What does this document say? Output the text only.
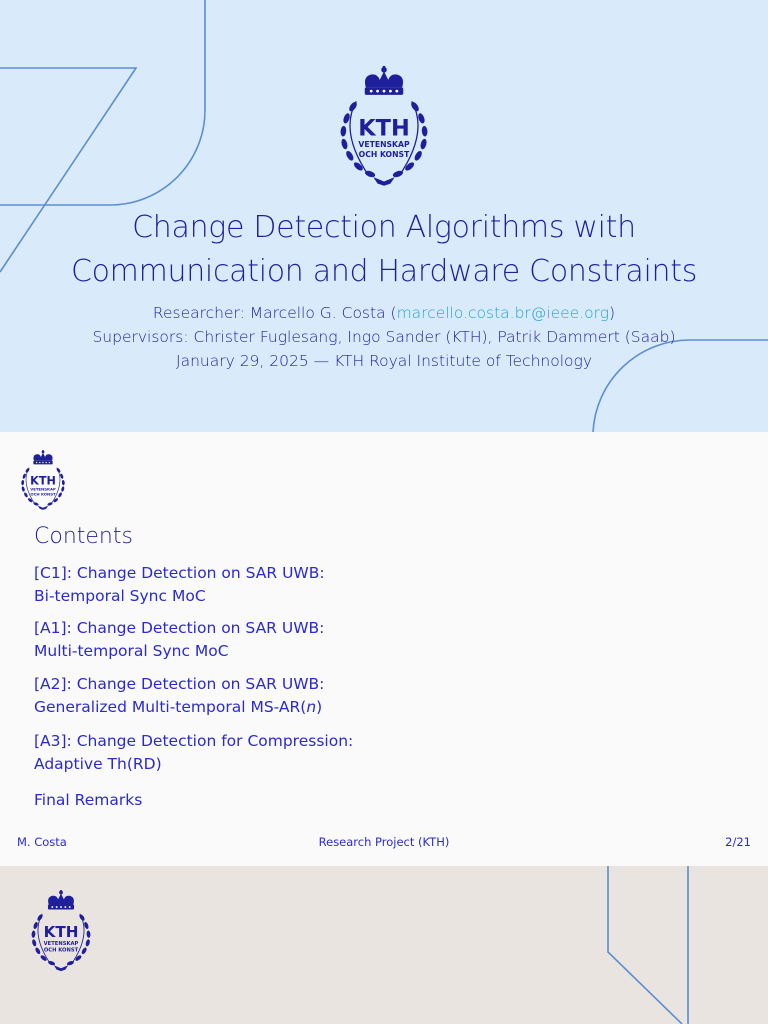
Change Detection Algorithms with
Communication and Hardware Constraints
Researcher: Marcello G. Costa (marcello.costa.br@ieee.org)
Supervisors: Christer Fuglesang, Ingo Sander (KTH), Patrik Dammert (Saab)
January 29, 2025 — KTH Royal Institute of Technology
Contents
[C1]: Change Detection on SAR UWB:
Bi-temporal Sync MoC
[A1]: Change Detection on SAR UWB:
Multi-temporal Sync MoC
[A2]: Change Detection on SAR UWB:
Generalized Multi-temporal MS-AR(n)
[A3]: Change Detection for Compression:
Adaptive Th(RD)
Final Remarks
M. Costa	Research Project (KTH)	2/21
